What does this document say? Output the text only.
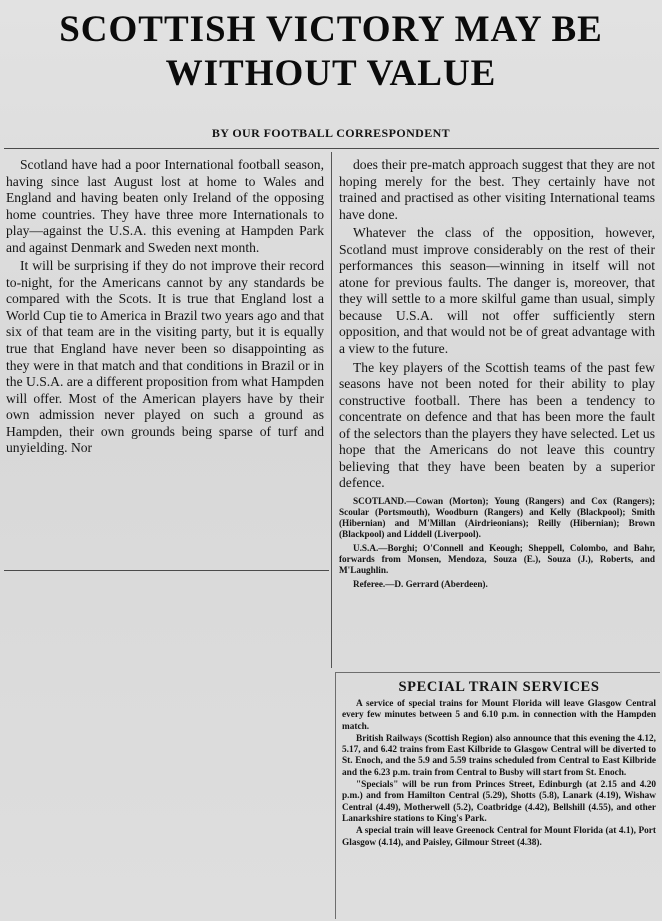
SCOTTISH VICTORY MAY BE
WITHOUT VALUE
BY OUR FOOTBALL CORRESPONDENT

Scotland have had a poor International football season, having since last August lost at home to Wales and England and having beaten only Ireland of the opposing home countries. They have three more Internationals to play—against the U.S.A. this evening at Hampden Park and against Denmark and Sweden next month.

It will be surprising if they do not improve their record to-night, for the Americans cannot by any standards be compared with the Scots. It is true that England lost a World Cup tie to America in Brazil two years ago and that six of that team are in the visiting party, but it is equally true that England have never been so disappointing as they were in that match and that conditions in Brazil or in the U.S.A. are a different proposition from what Hampden will offer. Most of the American players have by their own admission never played on such a ground as Hampden, their own grounds being sparse of turf and unyielding. Nor

does their pre-match approach suggest that they are not hoping merely for the best. They certainly have not trained and practised as other visiting International teams have done.

Whatever the class of the opposition, however, Scotland must improve considerably on the rest of their performances this season—winning in itself will not atone for previous faults. The danger is, moreover, that they will settle to a more skilful game than usual, simply because U.S.A. will not offer sufficiently stern opposition, and that would not be of great advantage with a view to the future.

The key players of the Scottish teams of the past few seasons have not been noted for their ability to play constructive football. There has been a tendency to concentrate on defence and that has been more the fault of the selectors than the players they have selected. Let us hope that the Americans do not leave this country believing that they have been beaten by a superior defence.

SCOTLAND.—Cowan (Morton); Young (Rangers) and Cox (Rangers); Scoular (Portsmouth), Woodburn (Rangers) and Kelly (Blackpool); Smith (Hibernian) and M'Millan (Airdrieonians); Reilly (Hibernian); Brown (Blackpool) and Liddell (Liverpool).

U.S.A.—Borghi; O'Connell and Keough; Sheppell, Colombo, and Bahr, forwards from Monsen, Mendoza, Souza (E.), Souza (J.), Roberts, and M'Laughlin.

Referee.—D. Gerrard (Aberdeen).

SPECIAL TRAIN SERVICES

A service of special trains for Mount Florida will leave Glasgow Central every few minutes between 5 and 6.10 p.m. in connection with the Hampden match.

British Railways (Scottish Region) also announce that this evening the 4.12, 5.17, and 6.42 trains from East Kilbride to Glasgow Central will be diverted to St. Enoch, and the 5.9 and 5.59 trains scheduled from Central to East Kilbride and the 6.23 p.m. train from Central to Busby will start from St. Enoch.

"Specials" will be run from Princes Street, Edinburgh (at 2.15 and 4.20 p.m.) and from Hamilton Central (5.29), Shotts (5.8), Lanark (4.19), Wishaw Central (4.49), Motherwell (5.2), Coatbridge (4.42), Bellshill (4.55), and other Lanarkshire stations to King's Park.

A special train will leave Greenock Central for Mount Florida (at 4.1), Port Glasgow (4.14), and Paisley, Gilmour Street (4.38).
